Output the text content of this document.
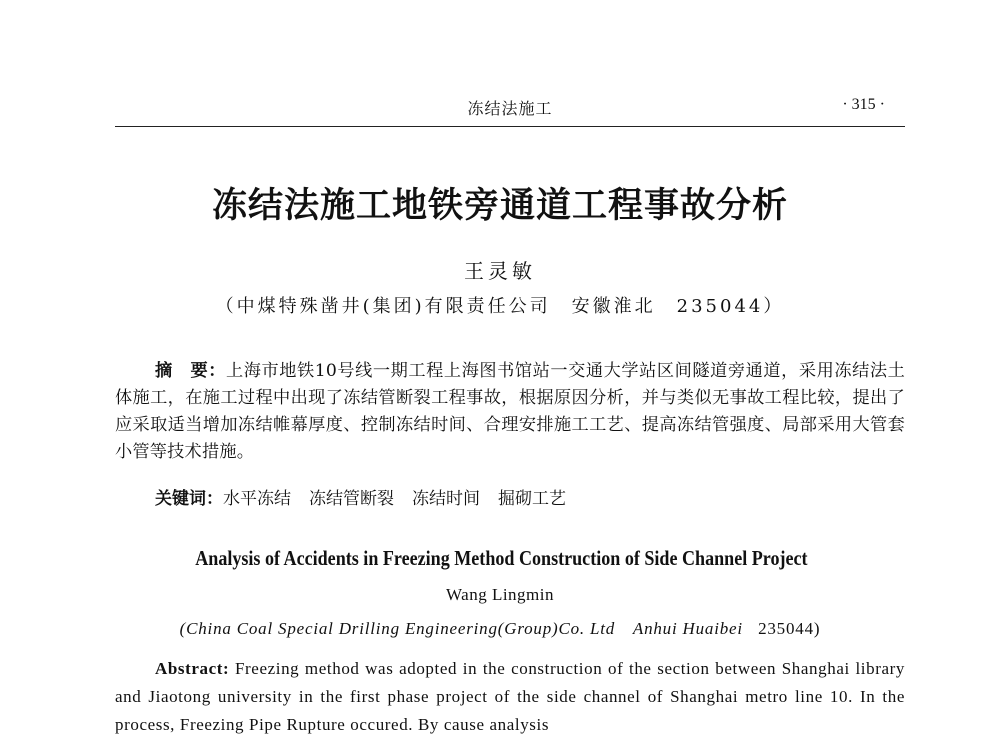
冻结法施工	· 315 ·
冻结法施工地铁旁通道工程事故分析
王灵敏
（中煤特殊凿井(集团)有限责任公司　安徽淮北　235044）
摘　要：上海市地铁10号线一期工程上海图书馆站一交通大学站区间隧道旁通道，采用冻结法土体施工，在施工过程中出现了冻结管断裂工程事故，根据原因分析，并与类似无事故工程比较，提出了应采取适当增加冻结帷幕厚度、控制冻结时间、合理安排施工工艺、提高冻结管强度、局部采用大管套小管等技术措施。
关键词：水平冻结 冻结管断裂 冻结时间 掘砌工艺
Analysis of Accidents in Freezing Method Construction of Side Channel Project
Wang Lingmin
(China Coal Special Drilling Engineering(Group)Co. Ltd　Anhui Huaibei 235044)
Abstract: Freezing method was adopted in the construction of the section between Shanghai library and Jiaotong university in the first phase project of the side channel of Shanghai metro line 10. In the process, Freezing Pipe Rupture occured. By cause analysis
